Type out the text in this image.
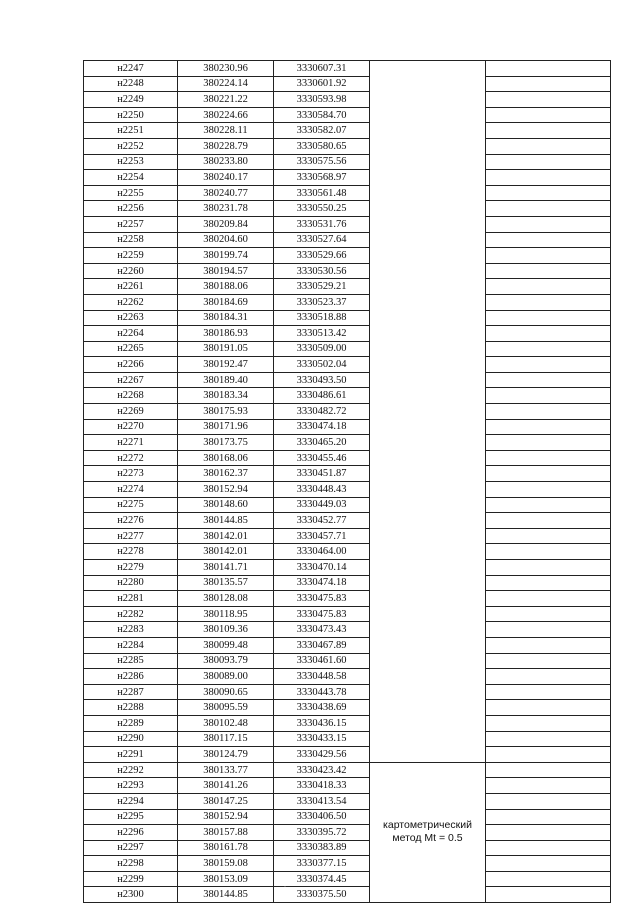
н2247	380230.96	3330607.31		
н2248	380224.14	3330601.92		
н2249	380221.22	3330593.98		
н2250	380224.66	3330584.70		
н2251	380228.11	3330582.07		
н2252	380228.79	3330580.65		
н2253	380233.80	3330575.56		
н2254	380240.17	3330568.97		
н2255	380240.77	3330561.48		
н2256	380231.78	3330550.25		
н2257	380209.84	3330531.76		
н2258	380204.60	3330527.64		
н2259	380199.74	3330529.66		
н2260	380194.57	3330530.56		
н2261	380188.06	3330529.21		
н2262	380184.69	3330523.37		
н2263	380184.31	3330518.88		
н2264	380186.93	3330513.42		
н2265	380191.05	3330509.00		
н2266	380192.47	3330502.04		
н2267	380189.40	3330493.50		
н2268	380183.34	3330486.61		
н2269	380175.93	3330482.72		
н2270	380171.96	3330474.18		
н2271	380173.75	3330465.20		
н2272	380168.06	3330455.46		
н2273	380162.37	3330451.87		
н2274	380152.94	3330448.43		
н2275	380148.60	3330449.03		
н2276	380144.85	3330452.77		
н2277	380142.01	3330457.71		
н2278	380142.01	3330464.00		
н2279	380141.71	3330470.14		
н2280	380135.57	3330474.18		
н2281	380128.08	3330475.83		
н2282	380118.95	3330475.83		
н2283	380109.36	3330473.43		
н2284	380099.48	3330467.89		
н2285	380093.79	3330461.60		
н2286	380089.00	3330448.58		
н2287	380090.65	3330443.78		
н2288	380095.59	3330438.69		
н2289	380102.48	3330436.15		
н2290	380117.15	3330433.15		
н2291	380124.79	3330429.56		
н2292	380133.77	3330423.42	картометрический
метод Mt = 0.5	

н2293	380141.26	3330418.33		
н2294	380147.25	3330413.54		
н2295	380152.94	3330406.50		
н2296	380157.88	3330395.72		
н2297	380161.78	3330383.89		
н2298	380159.08	3330377.15		
н2299	380153.09	3330374.45		
н2300	380144.85	3330375.50		
.
